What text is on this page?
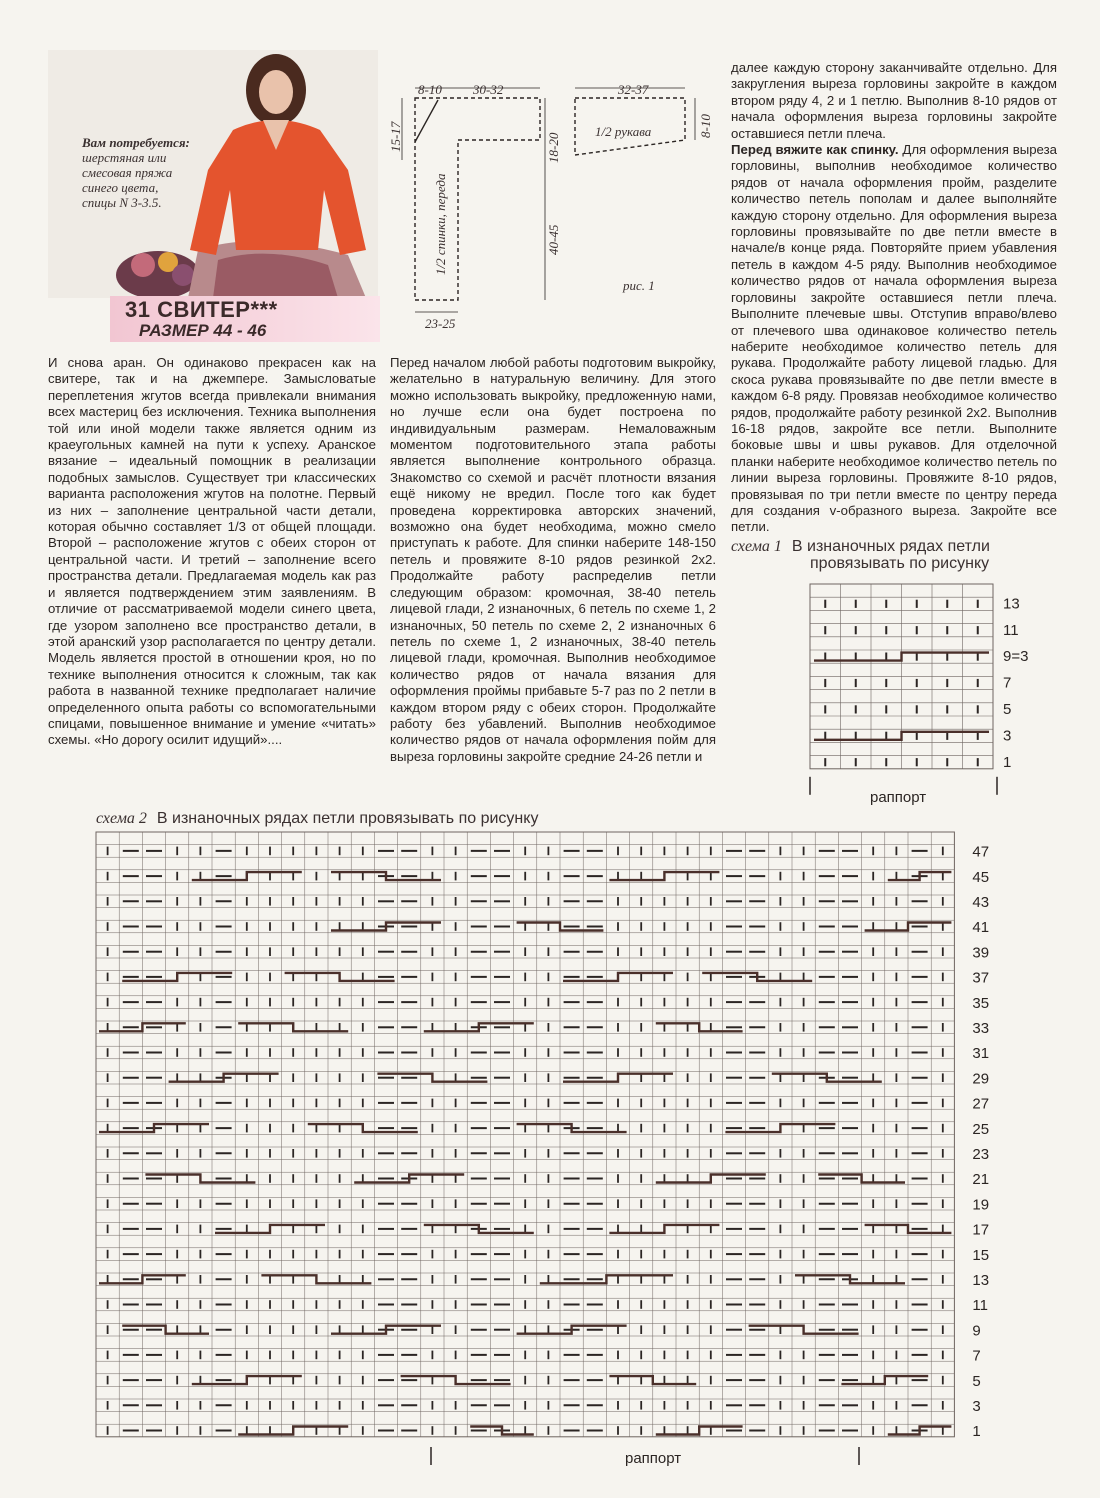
Вам потребуется:
шерстяная или
смесовая пряжа
синего цвета,
спицы N 3-3.5.
31 СВИТЕР***
РАЗМЕР 44 - 46
8-10 30-32
15-17	18-20
40-45
23-25
32-37
8-10
1/2 спинки, переда
1/2 рукава
рис. 1
И снова аран. Он одинаково прекрасен как на свитере, так и на джемпере. Замысловатые переплетения жгутов всегда привлекали внимания всех мастериц без исключения. Техника выполнения той или иной модели также является одним из краеугольных камней на пути к успеху. Аранское вязание – идеальный помощник в реализации подобных замыслов. Существует три классических варианта расположения жгутов на полотне. Первый из них – заполнение центральной части детали, которая обычно составляет 1/3 от общей площади. Второй – расположение жгутов с обеих сторон от центральной части. И третий – заполнение всего пространства детали. Предлагаемая модель как раз и является подтверждением этим заявлениям. В отличие от рассматриваемой модели синего цвета, где узором заполнено все пространство детали, в этой аранский узор располагается по центру детали. Модель является простой в отношении кроя, но по технике выполнения относится к сложным, так как работа в названной технике предполагает наличие определенного опыта работы со вспомогательными спицами, повышенное внимание и умение «читать» схемы. «Но дорогу осилит идущий»....
Перед началом любой работы подготовим выкройку, желательно в натуральную величину. Для этого можно использовать выкройку, предложенную нами, но лучше если она будет построена по индивидуальным размерам. Немаловажным моментом подготовительного этапа работы является выполнение контрольного образца. Знакомство со схемой и расчёт плотности вязания ещё никому не вредил. После того как будет проведена корректировка авторских значений, возможно она будет необходима, можно смело приступать к работе. Для спинки наберите 148-150 петель и провяжите 8-10 рядов резинкой 2х2. Продолжайте работу распределив петли следующим образом: кромочная, 38-40 петель лицевой глади, 2 изнаночных, 6 петель по схеме 1, 2 изнаночных, 50 петель по схеме 2, 2 изнаночных 6 петель по схеме 1, 2 изнаночных, 38-40 петель лицевой глади, кромочная. Выполнив необходимое количество рядов от начала вязания для оформления проймы прибавьте 5-7 раз по 2 петли в каждом втором ряду с обеих сторон. Продолжайте работу без убавлений. Выполнив необходимое количество рядов от начала оформления пойм для выреза горловины закройте средние 24-26 петли и
далее каждую сторону заканчивайте отдельно. Для закругления выреза горловины закройте в каждом втором ряду 4, 2 и 1 петлю. Выполнив 8-10 рядов от начала оформления выреза горловины закройте оставшиеся петли плеча.
Перед вяжите как спинку. Для оформления выреза горловины, выполнив необходимое количество рядов от начала оформления пройм, разделите количество петель пополам и далее выполняйте каждую сторону отдельно. Для оформления выреза горловины провязывайте по две петли вместе в начале/в конце ряда. Повторяйте прием убавления петель в каждом 4-5 ряду. Выполнив необходимое количество рядов от начала оформления выреза горловины закройте оставшиеся петли плеча. Выполните плечевые швы. Отступив вправо/влево от плечевого шва одинаковое количество петель наберите необходимое количество петель для рукава. Продолжайте работу лицевой гладью. Для скоса рукава провязывайте по две петли вместе в каждом 6-8 ряду. Провязав необходимое количество рядов, продолжайте работу резинкой 2х2. Выполнив 16-18 рядов, закройте все петли. Выполните боковые швы и швы рукавов. Для отделочной планки наберите необходимое количество петель по линии выреза горловины. Провяжите 8-10 рядов, провязывая по три петли вместе по центру переда для создания v-образного выреза. Закройте все петли.
схема 1 В изнаночных рядах петли
провязывать по рисунку
13
11
9=3
7
5
3
1
раппорт
схема 2 В изнаночных рядах петли провязывать по рисунку
47
45
43
41
39
37
35
33
31
29
27
25
23
21
19
17
15
13
11
9
7
5
3
1
раппорт
